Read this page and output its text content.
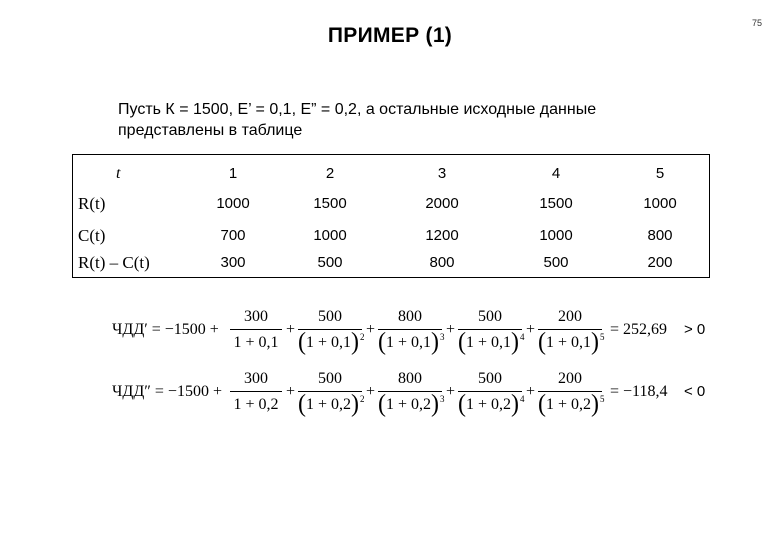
75
ПРИМЕР (1)
Пусть К = 1500, Е’ = 0,1, Е” = 0,2, а остальные исходные данные представлены в таблице
t	1	2	3	4	5
R(t)	1000	1500	2000	1500	1000
C(t)	700	1000	1200	1000	800
R(t) – C(t)	300	500	800	500	200
ЧДД′ = −1500 +
300
1 + 0,1
+
500
$(1 + 0,1)^2$ +
800
$(1 + 0,1)^3$ +
500
$(1 + 0,1)^4$ +
200
$(1 + 0,1)^5 = 252,69 > 0$
ЧДД″ = −1500 +
300
1 + 0,2
+
500
$(1 + 0,2)^2$ +
800
$(1 + 0,2)^3$ +
500
$(1 + 0,2)^4$ +
200
$(1 + 0,2)^5 = -118,4 < 0$
